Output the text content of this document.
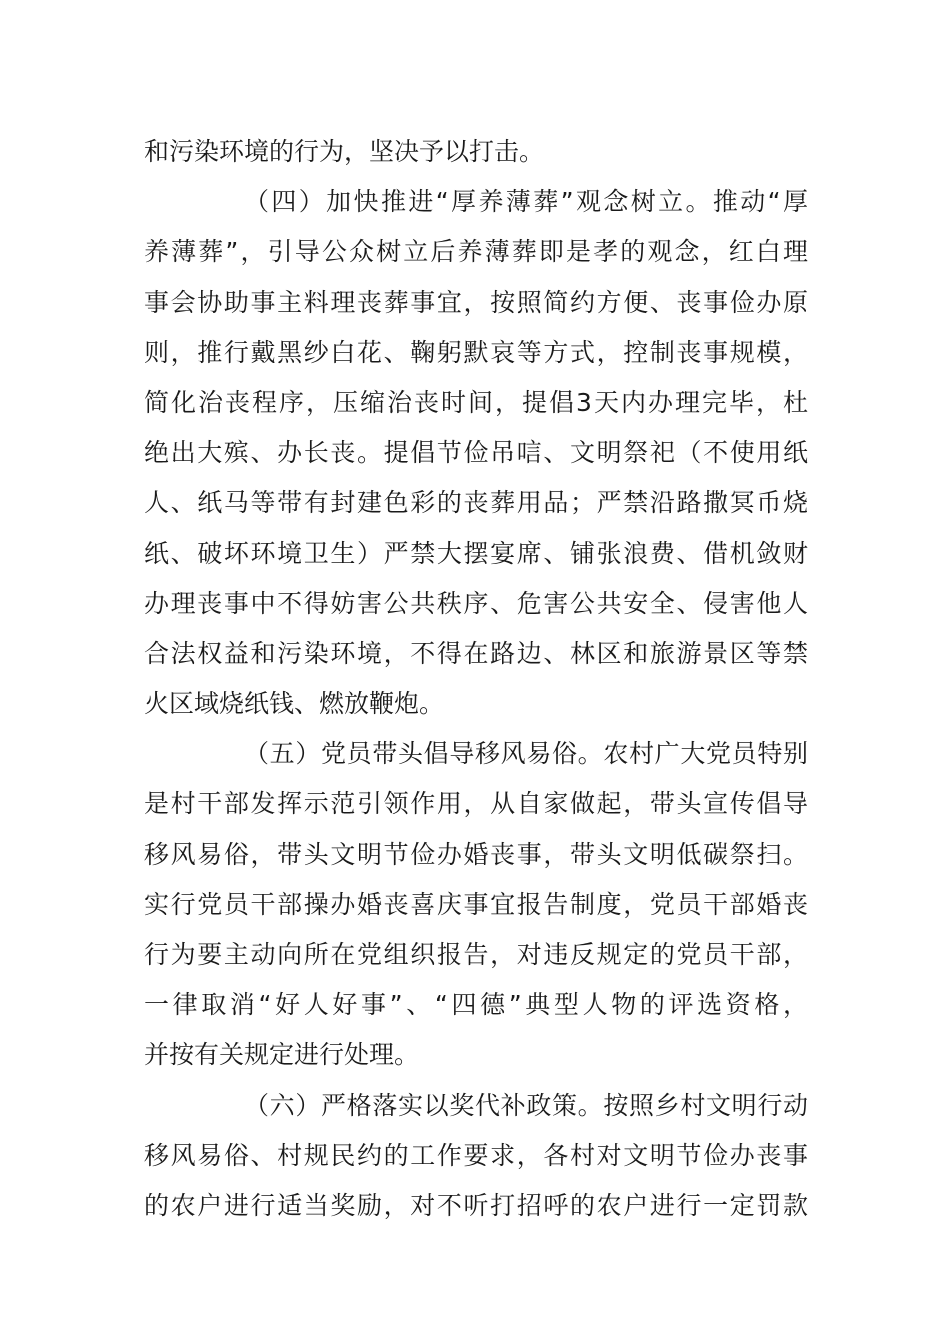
和污染环境的行为，坚决予以打击。
（四）加快推进“厚养薄葬”观念树立。推动“厚
养薄葬”，引导公众树立后养薄葬即是孝的观念，红白理
事会协助事主料理丧葬事宜，按照简约方便、丧事俭办原
则，推行戴黑纱白花、鞠躬默哀等方式，控制丧事规模，
简化治丧程序，压缩治丧时间，提倡3天内办理完毕，杜
绝出大殡、办长丧。提倡节俭吊唁、文明祭祀（不使用纸
人、纸马等带有封建色彩的丧葬用品；严禁沿路撒冥币烧
纸、破坏环境卫生）严禁大摆宴席、铺张浪费、借机敛财
办理丧事中不得妨害公共秩序、危害公共安全、侵害他人
合法权益和污染环境，不得在路边、林区和旅游景区等禁
火区域烧纸钱、燃放鞭炮。
（五）党员带头倡导移风易俗。农村广大党员特别
是村干部发挥示范引领作用，从自家做起，带头宣传倡导
移风易俗，带头文明节俭办婚丧事，带头文明低碳祭扫。
实行党员干部操办婚丧喜庆事宜报告制度，党员干部婚丧
行为要主动向所在党组织报告，对违反规定的党员干部，
一律取消“好人好事”、“四德”典型人物的评选资格，
并按有关规定进行处理。
（六）严格落实以奖代补政策。按照乡村文明行动
移风易俗、村规民约的工作要求，各村对文明节俭办丧事
的农户进行适当奖励，对不听打招呼的农户进行一定罚款
